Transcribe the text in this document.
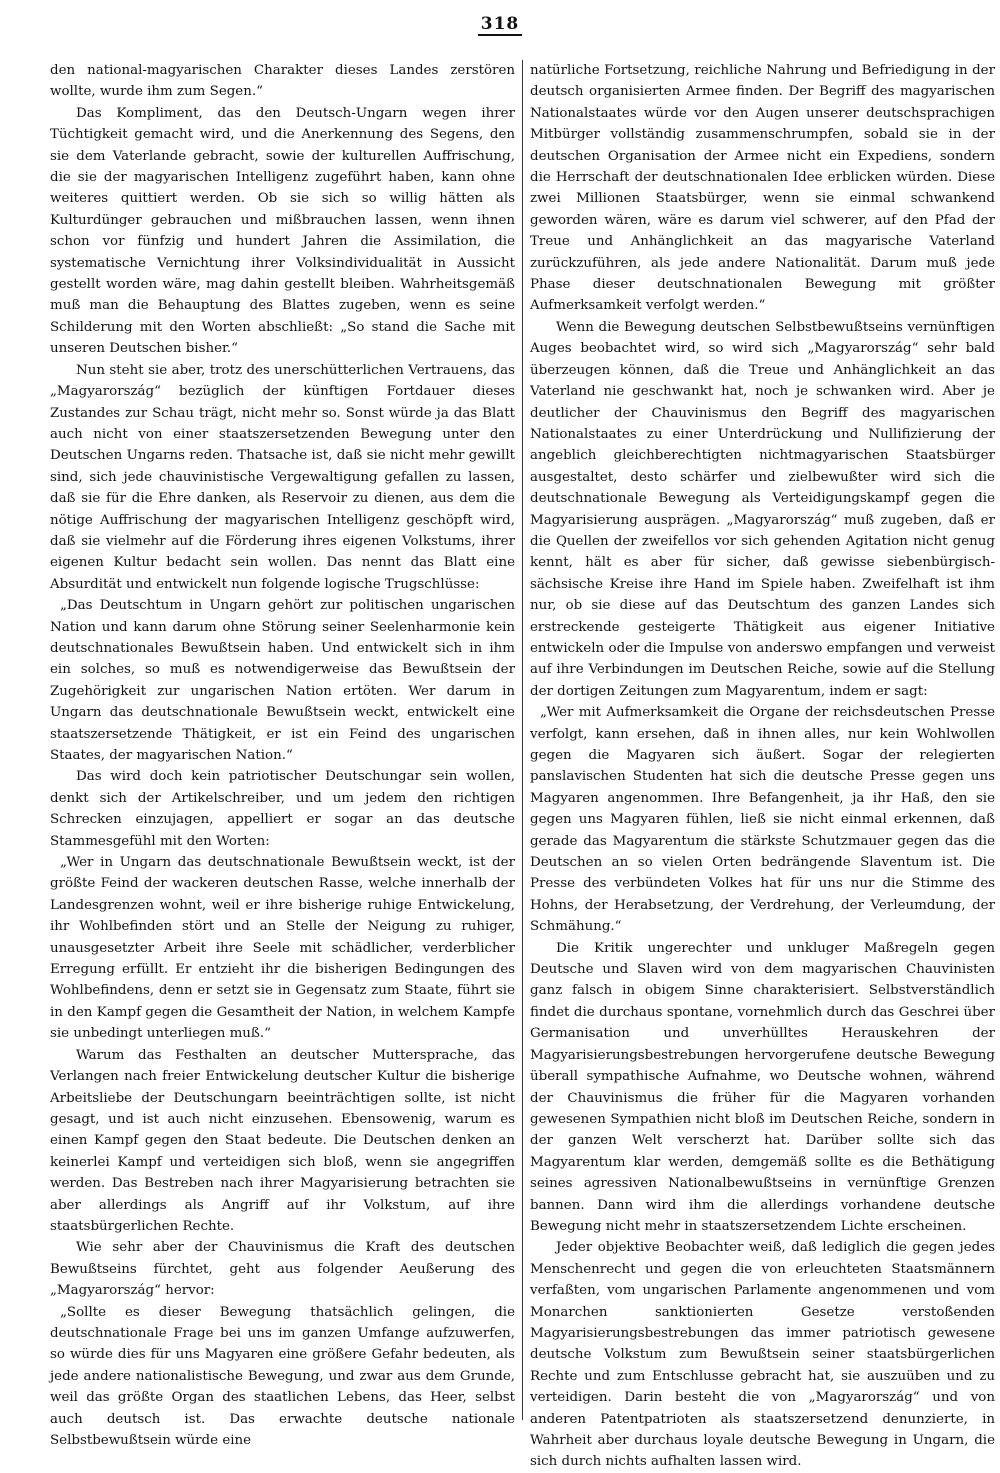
318

den national-magyarischen Charakter dieses Landes zerstören wollte, wurde ihm zum Segen.“

Das Kompliment, das den Deutsch-Ungarn wegen ihrer Tüchtigkeit gemacht wird, und die Anerkennung des Segens, den sie dem Vaterlande gebracht, sowie der kulturellen Auffrischung, die sie der magyarischen Intelligenz zugeführt haben, kann ohne weiteres quittiert werden. Ob sie sich so willig hätten als Kulturdünger gebrauchen und mißbrauchen lassen, wenn ihnen schon vor fünfzig und hundert Jahren die Assimilation, die systematische Vernichtung ihrer Volksindividualität in Aussicht gestellt worden wäre, mag dahin gestellt bleiben. Wahrheitsgemäß muß man die Behauptung des Blattes zugeben, wenn es seine Schilderung mit den Worten abschließt: „So stand die Sache mit unseren Deutschen bisher.“

Nun steht sie aber, trotz des unerschütterlichen Vertrauens, das „Magyarország“ bezüglich der künftigen Fortdauer dieses Zustandes zur Schau trägt, nicht mehr so. Sonst würde ja das Blatt auch nicht von einer staatszersetzenden Bewegung unter den Deutschen Ungarns reden. Thatsache ist, daß sie nicht mehr gewillt sind, sich jede chauvinistische Vergewaltigung gefallen zu lassen, daß sie für die Ehre danken, als Reservoir zu dienen, aus dem die nötige Auffrischung der magyarischen Intelligenz geschöpft wird, daß sie vielmehr auf die Förderung ihres eigenen Volkstums, ihrer eigenen Kultur bedacht sein wollen. Das nennt das Blatt eine Absurdität und entwickelt nun folgende logische Trugschlüsse:

„Das Deutschtum in Ungarn gehört zur politischen ungarischen Nation und kann darum ohne Störung seiner Seelenharmonie kein deutschnationales Bewußtsein haben. Und entwickelt sich in ihm ein solches, so muß es notwendigerweise das Bewußtsein der Zugehörigkeit zur ungarischen Nation ertöten. Wer darum in Ungarn das deutschnationale Bewußtsein weckt, entwickelt eine staatszersetzende Thätigkeit, er ist ein Feind des ungarischen Staates, der magyarischen Nation.“

Das wird doch kein patriotischer Deutschungar sein wollen, denkt sich der Artikelschreiber, und um jedem den richtigen Schrecken einzujagen, appelliert er sogar an das deutsche Stammesgefühl mit den Worten:

„Wer in Ungarn das deutschnationale Bewußtsein weckt, ist der größte Feind der wackeren deutschen Rasse, welche innerhalb der Landesgrenzen wohnt, weil er ihre bisherige ruhige Entwickelung, ihr Wohlbefinden stört und an Stelle der Neigung zu ruhiger, unausgesetzter Arbeit ihre Seele mit schädlicher, verderblicher Erregung erfüllt. Er entzieht ihr die bisherigen Bedingungen des Wohlbefindens, denn er setzt sie in Gegensatz zum Staate, führt sie in den Kampf gegen die Gesamtheit der Nation, in welchem Kampfe sie unbedingt unterliegen muß.“

Warum das Festhalten an deutscher Muttersprache, das Verlangen nach freier Entwickelung deutscher Kultur die bisherige Arbeitsliebe der Deutschungarn beeinträchtigen sollte, ist nicht gesagt, und ist auch nicht einzusehen. Ebensowenig, warum es einen Kampf gegen den Staat bedeute. Die Deutschen denken an keinerlei Kampf und verteidigen sich bloß, wenn sie angegriffen werden. Das Bestreben nach ihrer Magyarisierung betrachten sie aber allerdings als Angriff auf ihr Volkstum, auf ihre staatsbürgerlichen Rechte.

Wie sehr aber der Chauvinismus die Kraft des deutschen Bewußtseins fürchtet, geht aus folgender Aeußerung des „Magyarország“ hervor:

„Sollte es dieser Bewegung thatsächlich gelingen, die deutschnationale Frage bei uns im ganzen Umfange aufzuwerfen, so würde dies für uns Magyaren eine größere Gefahr bedeuten, als jede andere nationalistische Bewegung, und zwar aus dem Grunde, weil das größte Organ des staatlichen Lebens, das Heer, selbst auch deutsch ist. Das erwachte deutsche nationale Selbstbewußtsein würde eine

natürliche Fortsetzung, reichliche Nahrung und Befriedigung in der deutsch organisierten Armee finden. Der Begriff des magyarischen Nationalstaates würde vor den Augen unserer deutschsprachigen Mitbürger vollständig zusammenschrumpfen, sobald sie in der deutschen Organisation der Armee nicht ein Expediens, sondern die Herrschaft der deutschnationalen Idee erblicken würden. Diese zwei Millionen Staatsbürger, wenn sie einmal schwankend geworden wären, wäre es darum viel schwerer, auf den Pfad der Treue und Anhänglichkeit an das magyarische Vaterland zurückzuführen, als jede andere Nationalität. Darum muß jede Phase dieser deutschnationalen Bewegung mit größter Aufmerksamkeit verfolgt werden.“

Wenn die Bewegung deutschen Selbstbewußtseins vernünftigen Auges beobachtet wird, so wird sich „Magyarország“ sehr bald überzeugen können, daß die Treue und Anhänglichkeit an das Vaterland nie geschwankt hat, noch je schwanken wird. Aber je deutlicher der Chauvinismus den Begriff des magyarischen Nationalstaates zu einer Unterdrückung und Nullifizierung der angeblich gleichberechtigten nichtmagyarischen Staatsbürger ausgestaltet, desto schärfer und zielbewußter wird sich die deutschnationale Bewegung als Verteidigungskampf gegen die Magyarisierung ausprägen. „Magyarország“ muß zugeben, daß er die Quellen der zweifellos vor sich gehenden Agitation nicht genug kennt, hält es aber für sicher, daß gewisse siebenbürgisch-sächsische Kreise ihre Hand im Spiele haben. Zweifelhaft ist ihm nur, ob sie diese auf das Deutschtum des ganzen Landes sich erstreckende gesteigerte Thätigkeit aus eigener Initiative entwickeln oder die Impulse von anderswo empfangen und verweist auf ihre Verbindungen im Deutschen Reiche, sowie auf die Stellung der dortigen Zeitungen zum Magyarentum, indem er sagt:

„Wer mit Aufmerksamkeit die Organe der reichsdeutschen Presse verfolgt, kann ersehen, daß in ihnen alles, nur kein Wohlwollen gegen die Magyaren sich äußert. Sogar der relegierten panslavischen Studenten hat sich die deutsche Presse gegen uns Magyaren angenommen. Ihre Befangenheit, ja ihr Haß, den sie gegen uns Magyaren fühlen, ließ sie nicht einmal erkennen, daß gerade das Magyarentum die stärkste Schutzmauer gegen das die Deutschen an so vielen Orten bedrängende Slaventum ist. Die Presse des verbündeten Volkes hat für uns nur die Stimme des Hohns, der Herabsetzung, der Verdrehung, der Verleumdung, der Schmähung.“

Die Kritik ungerechter und unkluger Maßregeln gegen Deutsche und Slaven wird von dem magyarischen Chauvinisten ganz falsch in obigem Sinne charakterisiert. Selbstverständlich findet die durchaus spontane, vornehmlich durch das Geschrei über Germanisation und unverhülltes Herauskehren der Magyarisierungsbestrebungen hervorgerufene deutsche Bewegung überall sympathische Aufnahme, wo Deutsche wohnen, während der Chauvinismus die früher für die Magyaren vorhanden gewesenen Sympathien nicht bloß im Deutschen Reiche, sondern in der ganzen Welt verscherzt hat. Darüber sollte sich das Magyarentum klar werden, demgemäß sollte es die Bethätigung seines agressiven Nationalbewußtseins in vernünftige Grenzen bannen. Dann wird ihm die allerdings vorhandene deutsche Bewegung nicht mehr in staatszersetzendem Lichte erscheinen.

Jeder objektive Beobachter weiß, daß lediglich die gegen jedes Menschenrecht und gegen die von erleuchteten Staatsmännern verfaßten, vom ungarischen Parlamente angenommenen und vom Monarchen sanktionierten Gesetze verstoßenden Magyarisierungsbestrebungen das immer patriotisch gewesene deutsche Volkstum zum Bewußtsein seiner staatsbürgerlichen Rechte und zum Entschlusse gebracht hat, sie auszuüben und zu verteidigen. Darin besteht die von „Magyarország“ und von anderen Patentpatrioten als staatszersetzend denunzierte, in Wahrheit aber durchaus loyale deutsche Bewegung in Ungarn, die sich durch nichts aufhalten lassen wird.
